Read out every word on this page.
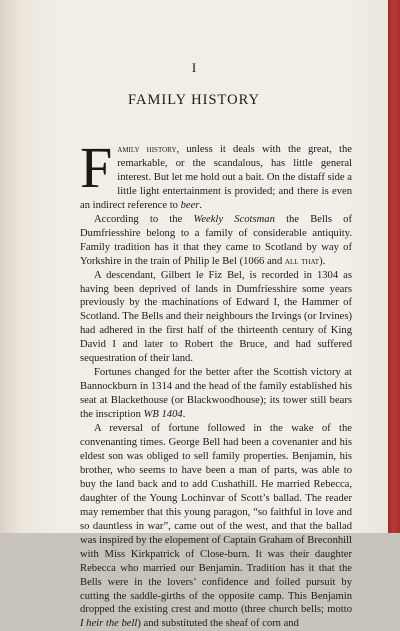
I

FAMILY HISTORY

Family history, unless it deals with the great, the remarkable, or the scandalous, has little general interest. But let me hold out a bait. On the distaff side a little light entertainment is provided; and there is even an indirect reference to beer.

According to the Weekly Scotsman the Bells of Dumfriesshire belong to a family of considerable antiquity. Family tradition has it that they came to Scotland by way of Yorkshire in the train of Philip le Bel (1066 and all that).

A descendant, Gilbert le Fiz Bel, is recorded in 1304 as having been deprived of lands in Dumfriesshire some years previously by the machinations of Edward I, the Hammer of Scotland. The Bells and their neighbours the Irvings (or Irvines) had adhered in the first half of the thirteenth century of King David I and later to Robert the Bruce, and had suffered sequestration of their land.

Fortunes changed for the better after the Scottish victory at Bannockburn in 1314 and the head of the family established his seat at Blackethouse (or Blackwoodhouse); its tower still bears the inscription WB 1404.

A reversal of fortune followed in the wake of the convenanting times. George Bell had been a covenanter and his eldest son was obliged to sell family properties. Benjamin, his brother, who seems to have been a man of parts, was able to buy the land back and to add Cushathill. He married Rebecca, daughter of the Young Lochinvar of Scott’s ballad. The reader may remember that this young paragon, “so faithful in love and so dauntless in war”, came out of the west, and that the ballad was inspired by the elopement of Captain Graham of Breconhill with Miss Kirkpatrick of Close-burn. It was their daughter Rebecca who married our Benjamin. Tradition has it that the Bells were in the lovers’ confidence and foiled pursuit by cutting the saddle-girths of the opposite camp. This Benjamin dropped the existing crest and motto (three church bells; motto I heir the bell) and substituted the sheaf of corn and
